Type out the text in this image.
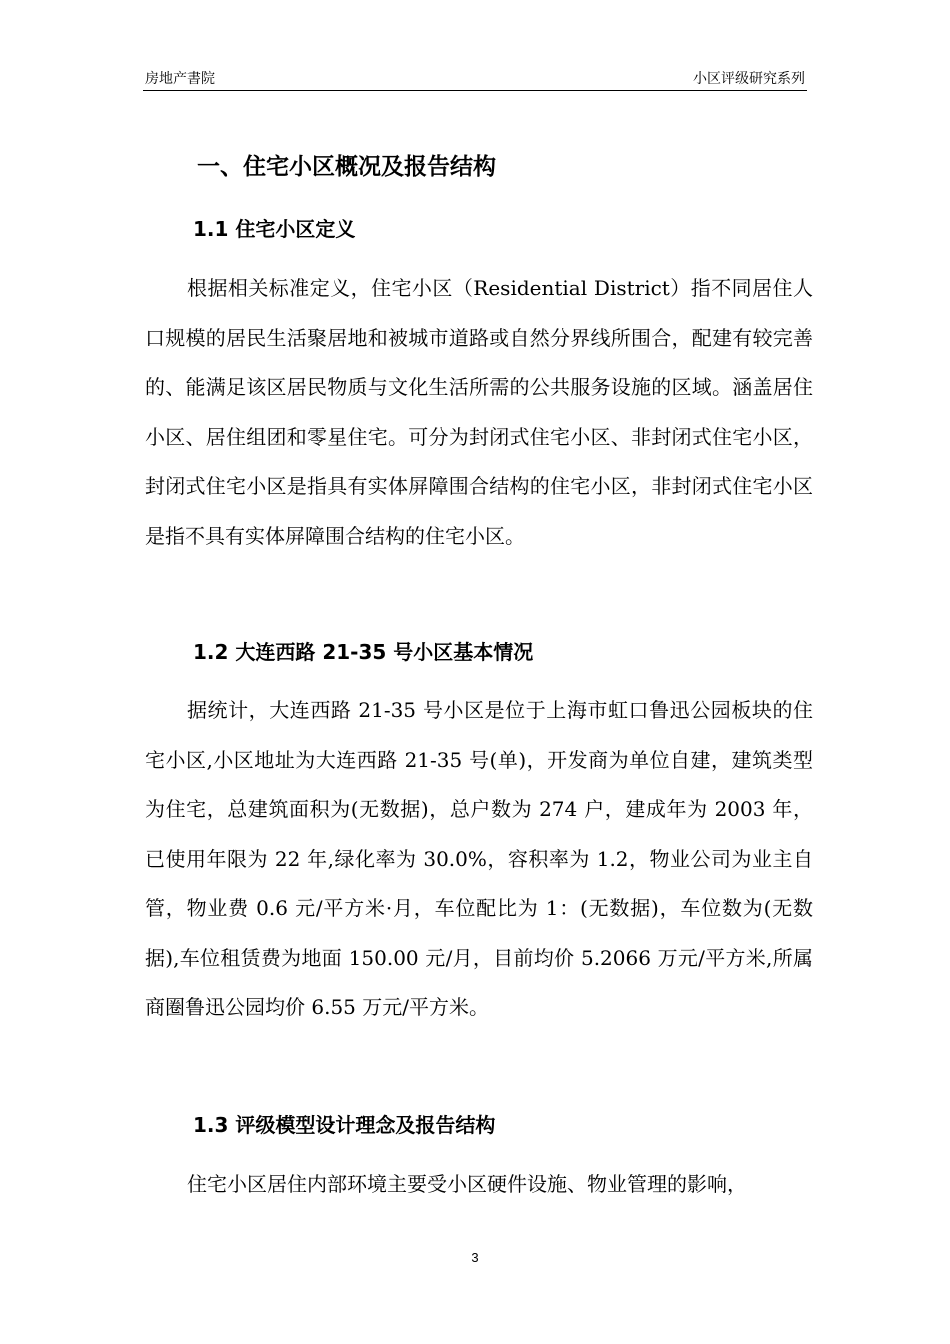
房地产書院	小区评级研究系列
一、住宅小区概况及报告结构
1.1 住宅小区定义
根据相关标准定义，住宅小区（Residential District）指不同居住人口规模的居民生活聚居地和被城市道路或自然分界线所围合，配建有较完善的、能满足该区居民物质与文化生活所需的公共服务设施的区域。涵盖居住小区、居住组团和零星住宅。可分为封闭式住宅小区、非封闭式住宅小区，封闭式住宅小区是指具有实体屏障围合结构的住宅小区，非封闭式住宅小区是指不具有实体屏障围合结构的住宅小区。
1.2 大连西路 21-35 号小区基本情况
据统计，大连西路 21-35 号小区是位于上海市虹口鲁迅公园板块的住宅小区,小区地址为大连西路 21-35 号(单)，开发商为单位自建，建筑类型为住宅，总建筑面积为(无数据)，总户数为 274 户，建成年为 2003 年，已使用年限为 22 年,绿化率为 30.0%，容积率为 1.2，物业公司为业主自管，物业费 0.6 元/平方米·月，车位配比为 1：(无数据)，车位数为(无数据),车位租赁费为地面 150.00 元/月，目前均价 5.2066 万元/平方米,所属商圈鲁迅公园均价 6.55 万元/平方米。
1.3 评级模型设计理念及报告结构
住宅小区居住内部环境主要受小区硬件设施、物业管理的影响，
3
